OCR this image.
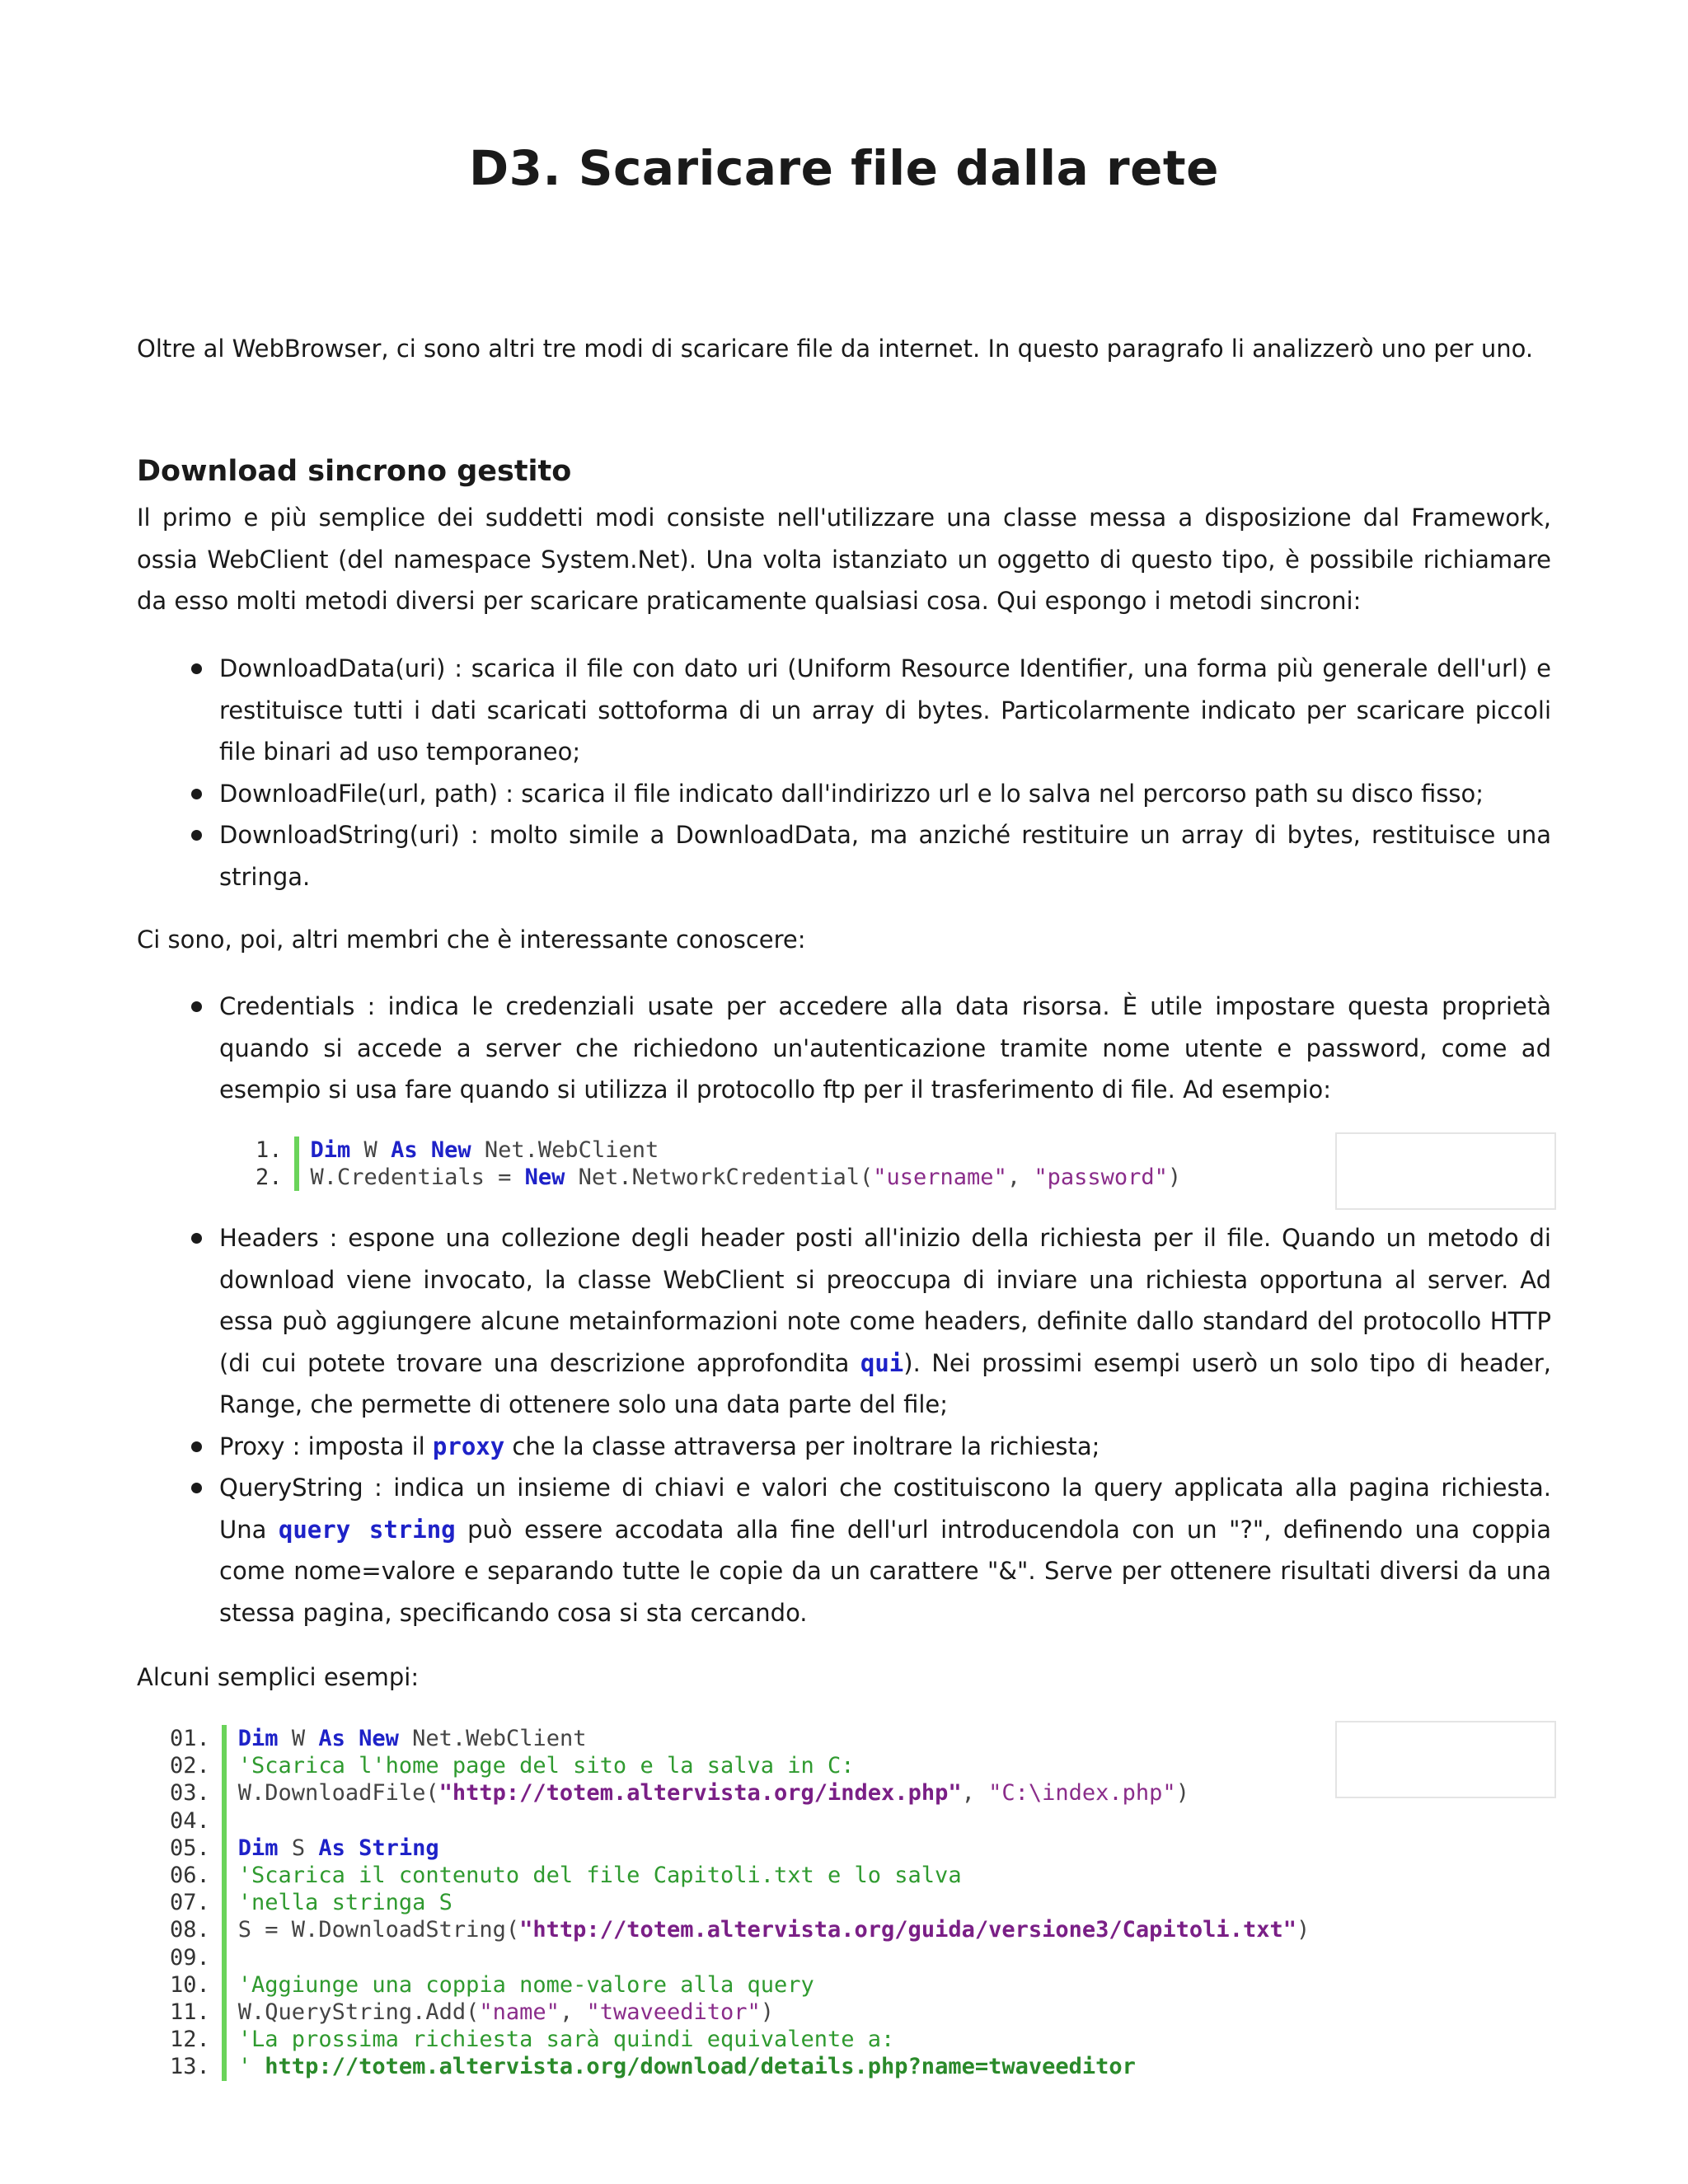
D3. Scaricare file dalla rete

Oltre al WebBrowser, ci sono altri tre modi di scaricare file da internet. In questo paragrafo li analizzerò uno per uno.

Download sincrono gestito

Il primo e più semplice dei suddetti modi consiste nell'utilizzare una classe messa a disposizione dal Framework, ossia WebClient (del namespace System.Net). Una volta istanziato un oggetto di questo tipo, è possibile richiamare da esso molti metodi diversi per scaricare praticamente qualsiasi cosa. Qui espongo i metodi sincroni:

DownloadData(uri) : scarica il file con dato uri (Uniform Resource Identifier, una forma più generale dell'url) e restituisce tutti i dati scaricati sottoforma di un array di bytes. Particolarmente indicato per scaricare piccoli file binari ad uso temporaneo;
DownloadFile(url, path) : scarica il file indicato dall'indirizzo url e lo salva nel percorso path su disco fisso;
DownloadString(uri) : molto simile a DownloadData, ma anziché restituire un array di bytes, restituisce una stringa.

Ci sono, poi, altri membri che è interessante conoscere:

Credentials : indica le credenziali usate per accedere alla data risorsa. È utile impostare questa proprietà quando si accede a server che richiedono un'autenticazione tramite nome utente e password, come ad esempio si usa fare quando si utilizza il protocollo ftp per il trasferimento di file. Ad esempio:
1.	Dim W As New Net.WebClient
2.	W.Credentials = New Net.NetworkCredential("username", "password")
Headers : espone una collezione degli header posti all'inizio della richiesta per il file. Quando un metodo di download viene invocato, la classe WebClient si preoccupa di inviare una richiesta opportuna al server. Ad essa può aggiungere alcune metainformazioni note come headers, definite dallo standard del protocollo HTTP (di cui potete trovare una descrizione approfondita qui). Nei prossimi esempi userò un solo tipo di header, Range, che permette di ottenere solo una data parte del file;
Proxy : imposta il proxy che la classe attraversa per inoltrare la richiesta;
QueryString : indica un insieme di chiavi e valori che costituiscono la query applicata alla pagina richiesta. Una query string può essere accodata alla fine dell'url introducendola con un "?", definendo una coppia come nome=valore e separando tutte le copie da un carattere "&". Serve per ottenere risultati diversi da una stessa pagina, specificando cosa si sta cercando.

Alcuni semplici esempi:

01.	Dim W As New Net.WebClient
02.	'Scarica l'home page del sito e la salva in C:
03.	W.DownloadFile("http://totem.altervista.org/index.php", "C:\index.php")
04.

05.	Dim S As String
06.	'Scarica il contenuto del file Capitoli.txt e lo salva
07.	'nella stringa S
08.	S = W.DownloadString("http://totem.altervista.org/guida/versione3/Capitoli.txt")
09.

10.	'Aggiunge una coppia nome-valore alla query
11.	W.QueryString.Add("name", "twaveeditor")
12.	'La prossima richiesta sarà quindi equivalente a:
13.	' http://totem.altervista.org/download/details.php?name=twaveeditor
